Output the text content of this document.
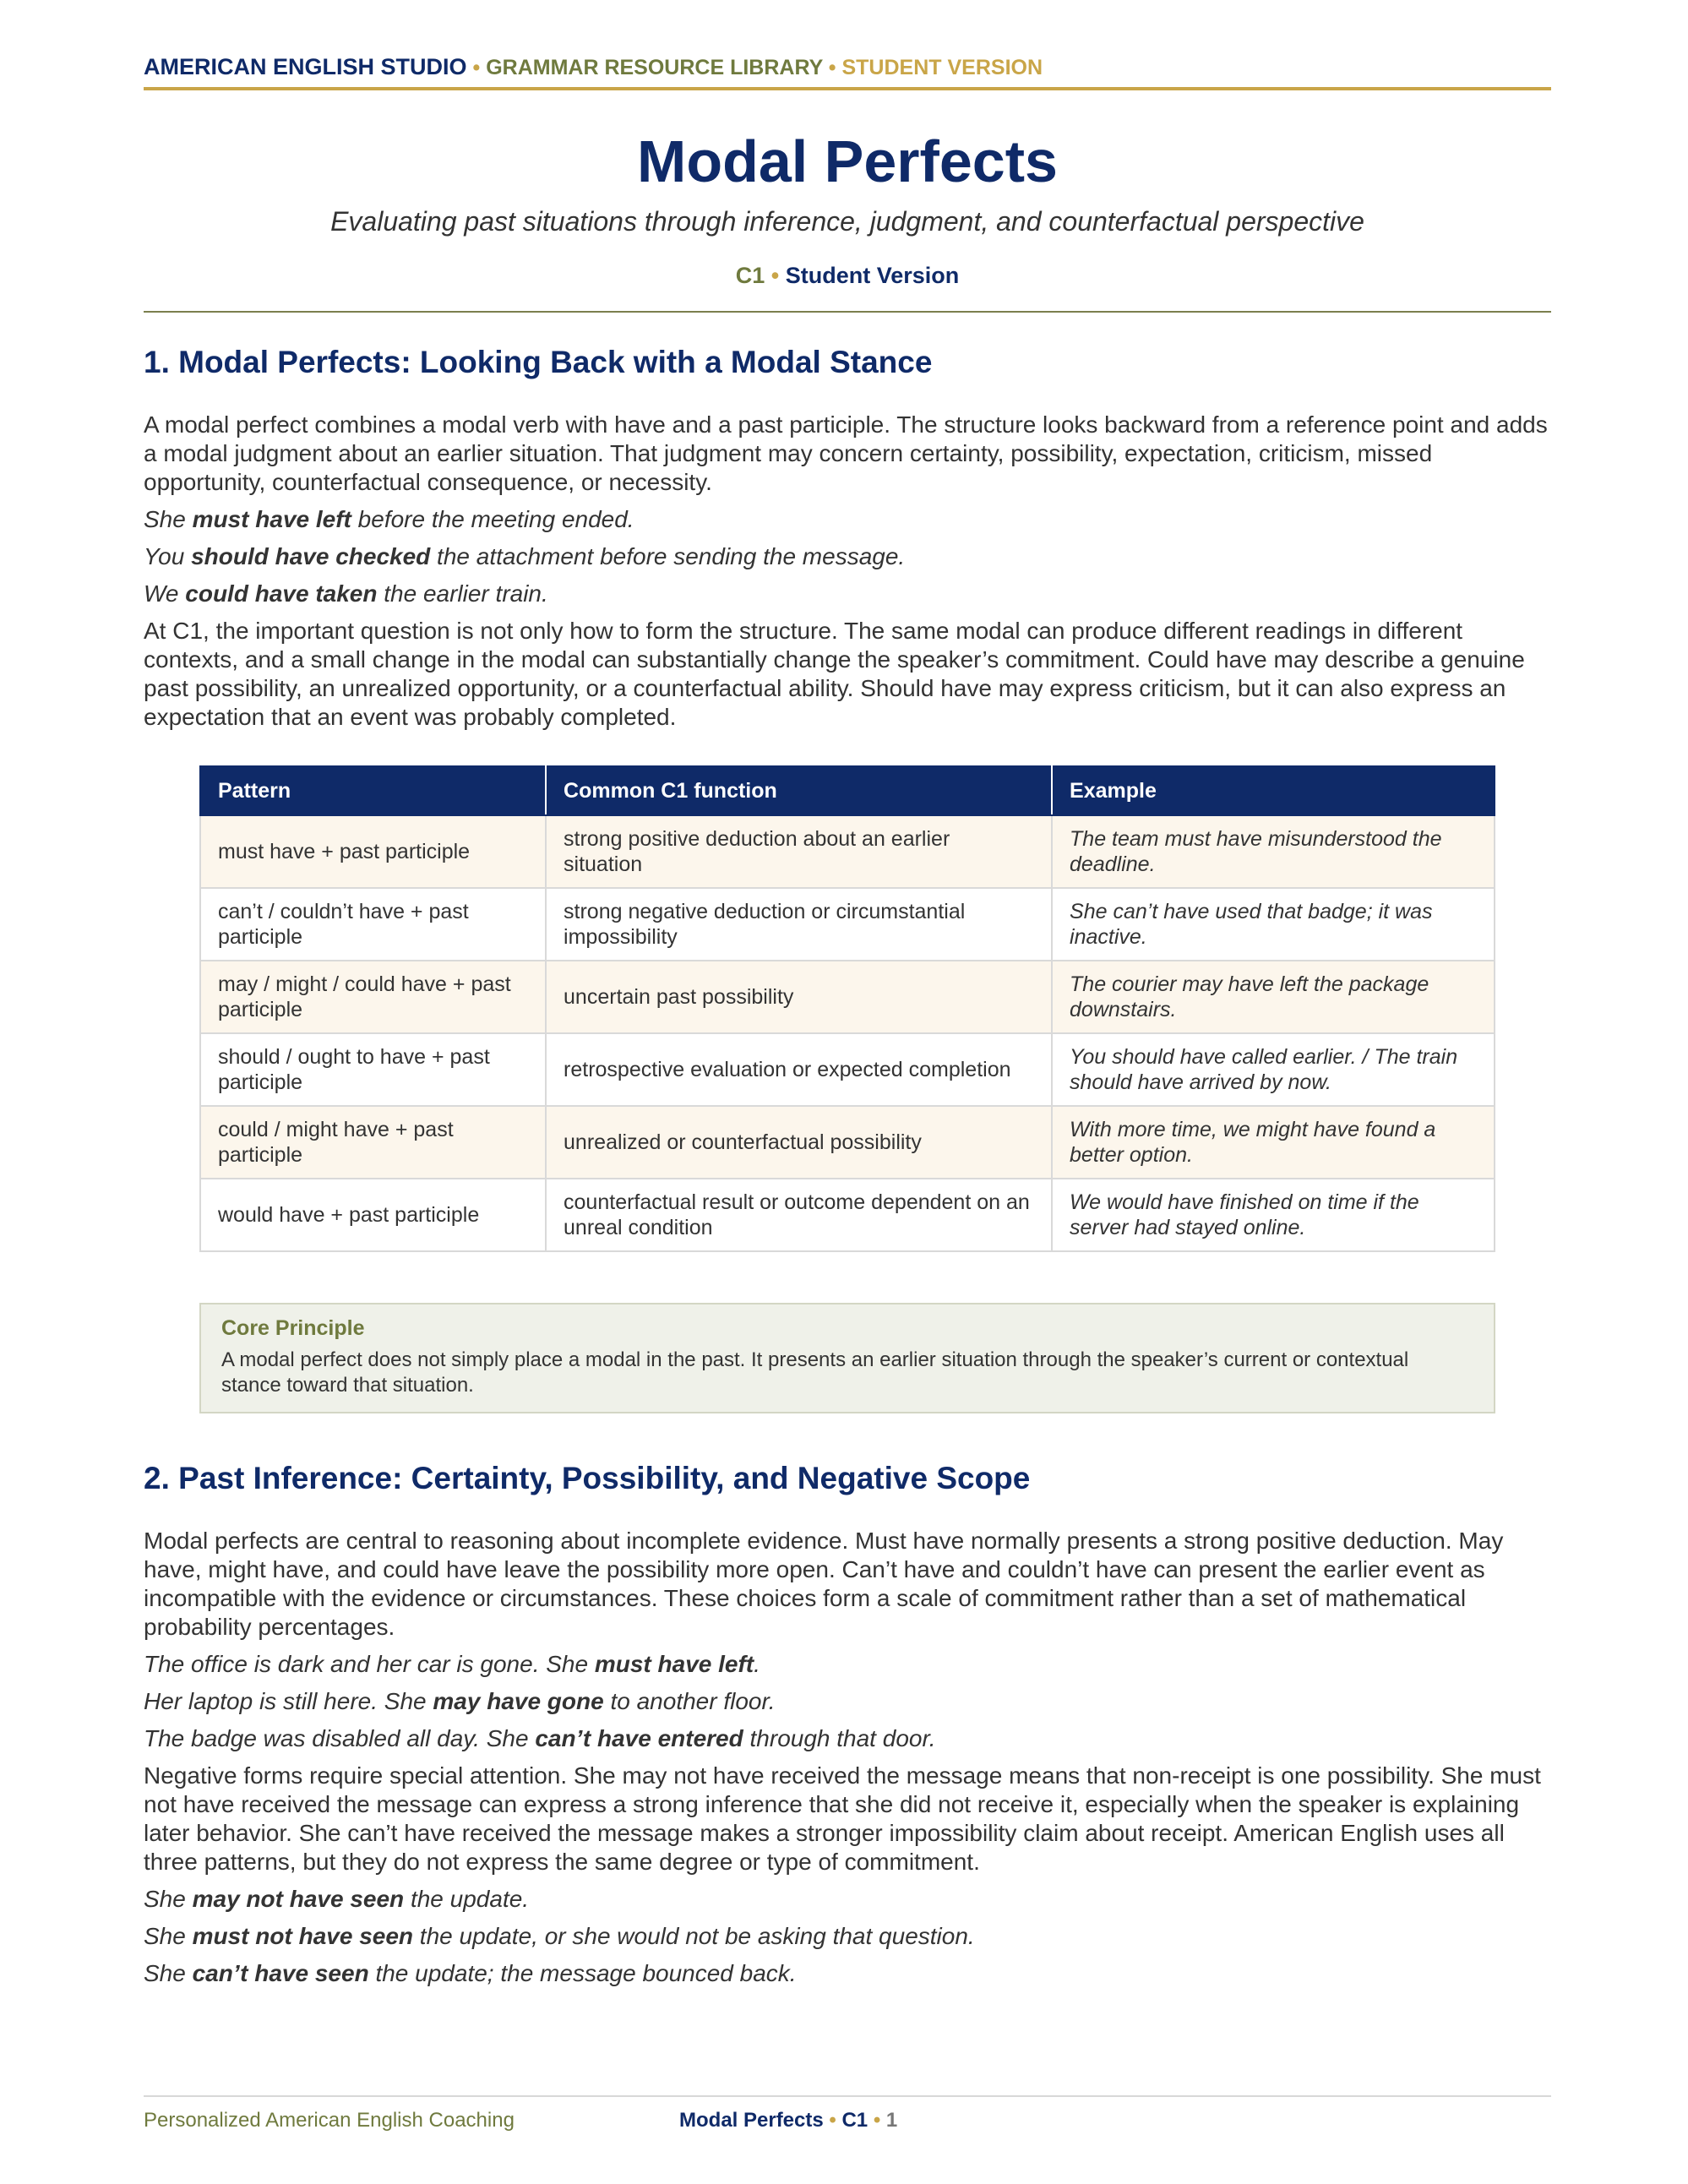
AMERICAN ENGLISH STUDIO • GRAMMAR RESOURCE LIBRARY • STUDENT VERSION
Modal Perfects
Evaluating past situations through inference, judgment, and counterfactual perspective
C1 • Student Version
1. Modal Perfects: Looking Back with a Modal Stance

A modal perfect combines a modal verb with have and a past participle. The structure looks backward from a reference point and adds a modal judgment about an earlier situation. That judgment may concern certainty, possibility, expectation, criticism, missed opportunity, counterfactual consequence, or necessity.

She must have left before the meeting ended.
You should have checked the attachment before sending the message.
We could have taken the earlier train.

At C1, the important question is not only how to form the structure. The same modal can produce different readings in different contexts, and a small change in the modal can substantially change the speaker’s commitment. Could have may describe a genuine past possibility, an unrealized opportunity, or a counterfactual ability. Should have may express criticism, but it can also express an expectation that an event was probably completed.

Pattern	Common C1 function	Example
must have + past participle	strong positive deduction about an earlier situation	The team must have misunderstood the deadline.
can’t / couldn’t have + past participle	strong negative deduction or circumstantial impossibility	She can’t have used that badge; it was inactive.
may / might / could have + past participle	uncertain past possibility	The courier may have left the package downstairs.
should / ought to have + past participle	retrospective evaluation or expected completion	You should have called earlier. / The train should have arrived by now.
could / might have + past participle	unrealized or counterfactual possibility	With more time, we might have found a better option.
would have + past participle	counterfactual result or outcome dependent on an unreal condition	We would have finished on time if the server had stayed online.
Core Principle
A modal perfect does not simply place a modal in the past. It presents an earlier situation through the speaker’s current or contextual stance toward that situation.
2. Past Inference: Certainty, Possibility, and Negative Scope

Modal perfects are central to reasoning about incomplete evidence. Must have normally presents a strong positive deduction. May have, might have, and could have leave the possibility more open. Can’t have and couldn’t have can present the earlier event as incompatible with the evidence or circumstances. These choices form a scale of commitment rather than a set of mathematical probability percentages.

The office is dark and her car is gone. She must have left.
Her laptop is still here. She may have gone to another floor.
The badge was disabled all day. She can’t have entered through that door.

Negative forms require special attention. She may not have received the message means that non-receipt is one possibility. She must not have received the message can express a strong inference that she did not receive it, especially when the speaker is explaining later behavior. She can’t have received the message makes a stronger impossibility claim about receipt. American English uses all three patterns, but they do not express the same degree or type of commitment.

She may not have seen the update.
She must not have seen the update, or she would not be asking that question.
She can’t have seen the update; the message bounced back.
Personalized American English Coaching	Modal Perfects • C1 • 1
